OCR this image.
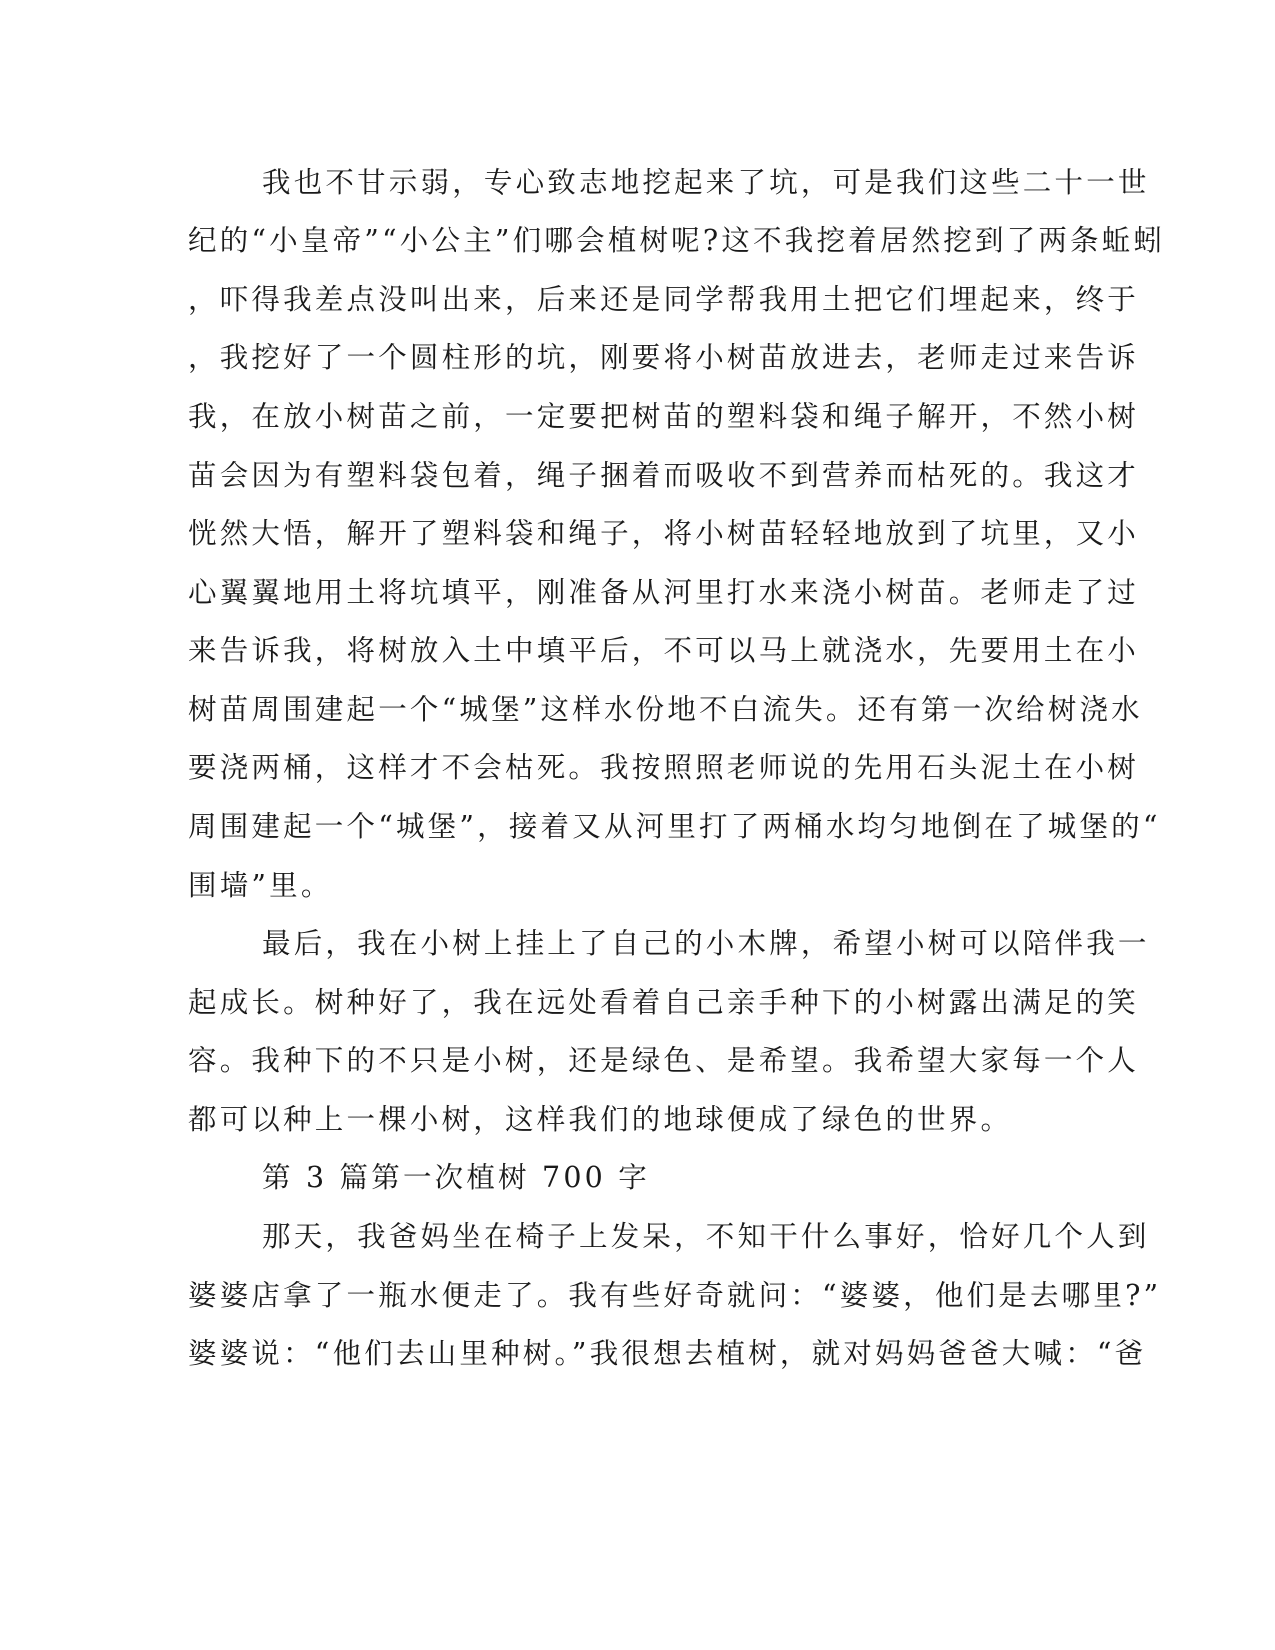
我也不甘示弱，专心致志地挖起来了坑，可是我们这些二十一世
纪的“小皇帝”“小公主”们哪会植树呢?这不我挖着居然挖到了两条蚯蚓
，吓得我差点没叫出来，后来还是同学帮我用土把它们埋起来，终于
，我挖好了一个圆柱形的坑，刚要将小树苗放进去，老师走过来告诉
我，在放小树苗之前，一定要把树苗的塑料袋和绳子解开，不然小树
苗会因为有塑料袋包着，绳子捆着而吸收不到营养而枯死的。我这才
恍然大悟，解开了塑料袋和绳子，将小树苗轻轻地放到了坑里，又小
心翼翼地用土将坑填平，刚准备从河里打水来浇小树苗。老师走了过
来告诉我，将树放入土中填平后，不可以马上就浇水，先要用土在小
树苗周围建起一个“城堡”这样水份地不白流失。还有第一次给树浇水
要浇两桶，这样才不会枯死。我按照照老师说的先用石头泥土在小树
周围建起一个“城堡”，接着又从河里打了两桶水均匀地倒在了城堡的“
围墙”里。
最后，我在小树上挂上了自己的小木牌，希望小树可以陪伴我一
起成长。树种好了，我在远处看着自己亲手种下的小树露出满足的笑
容。我种下的不只是小树，还是绿色、是希望。我希望大家每一个人
都可以种上一棵小树，这样我们的地球便成了绿色的世界。
第 3 篇第一次植树 700 字
那天，我爸妈坐在椅子上发呆，不知干什么事好，恰好几个人到
婆婆店拿了一瓶水便走了。我有些好奇就问：“婆婆，他们是去哪里?”
婆婆说：“他们去山里种树。”我很想去植树，就对妈妈爸爸大喊：“爸
